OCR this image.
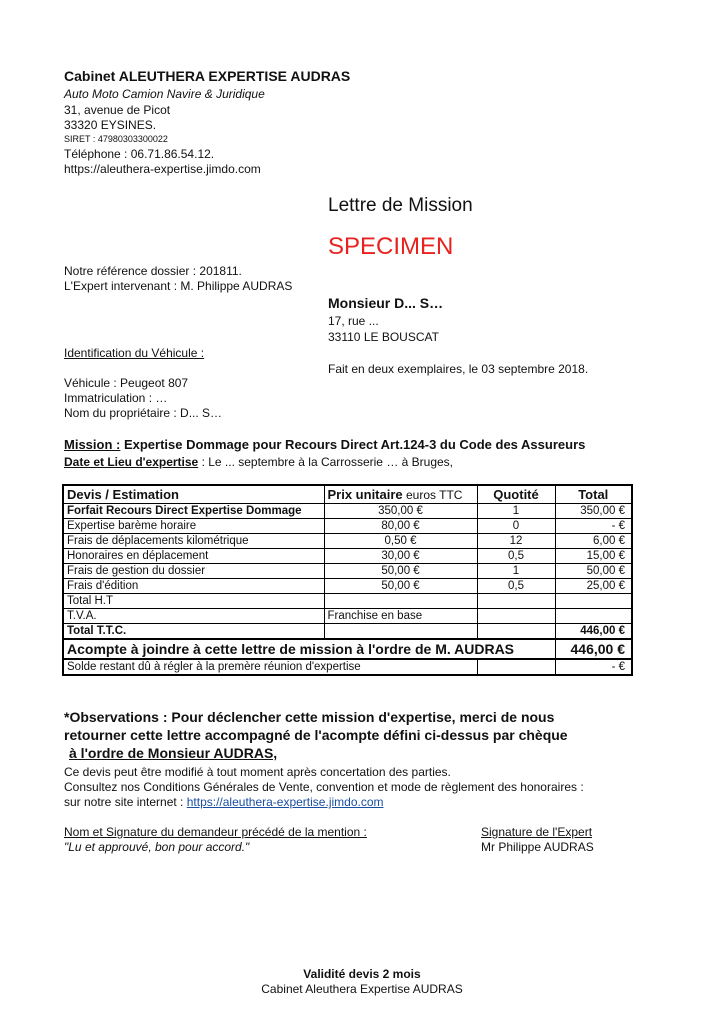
Cabinet ALEUTHERA EXPERTISE AUDRAS
Auto Moto Camion Navire & Juridique
31, avenue de Picot
33320 EYSINES.
SIRET : 47980303300022
Téléphone : 06.71.86.54.12.
https://aleuthera-expertise.jimdo.com
Lettre de Mission
SPECIMEN
Notre référence dossier : 201811.
L'Expert intervenant : M. Philippe AUDRAS
Monsieur D... S…
17, rue ...
33110 LE BOUSCAT
Identification du Véhicule :
Fait en deux exemplaires, le 03 septembre 2018.
Véhicule : Peugeot 807
Immatriculation : …
Nom du propriétaire : D... S…
Mission : Expertise Dommage pour Recours Direct Art.124-3 du Code des Assureurs
Date et Lieu d'expertise : Le ... septembre à la Carrosserie … à Bruges,
Devis / Estimation	Prix unitaire euros TTC	Quotité	Total
Forfait Recours Direct Expertise Dommage	350,00 €	1	350,00 €
Expertise barème horaire	80,00 €	0	- €
Frais de déplacements kilométrique	0,50 €	12	6,00 €
Honoraires en déplacement	30,00 €	0,5	15,00 €
Frais de gestion du dossier	50,00 €	1	50,00 €
Frais d'édition	50,00 €	0,5	25,00 €
Total H.T			
T.V.A.	Franchise en base		
Total T.T.C.			446,00 €
Acompte à joindre à cette lettre de mission à l'ordre de M. AUDRAS			446,00 €
Solde restant dû à régler à la premère réunion d'expertise			- €
*Observations : Pour déclencher cette mission d'expertise, merci de nous
retourner cette lettre accompagné de l'acompte défini ci-dessus par chèque
à l'ordre de Monsieur AUDRAS,
Ce devis peut être modifié à tout moment après concertation des parties.
Consultez nos Conditions Générales de Vente, convention et mode de règlement des honoraires :
sur notre site internet : https://aleuthera-expertise.jimdo.com
Nom et Signature du demandeur précédé de la mention :
"Lu et approuvé, bon pour accord."
Signature de l'Expert
Mr Philippe AUDRAS
Validité devis 2 mois
Cabinet Aleuthera Expertise AUDRAS
